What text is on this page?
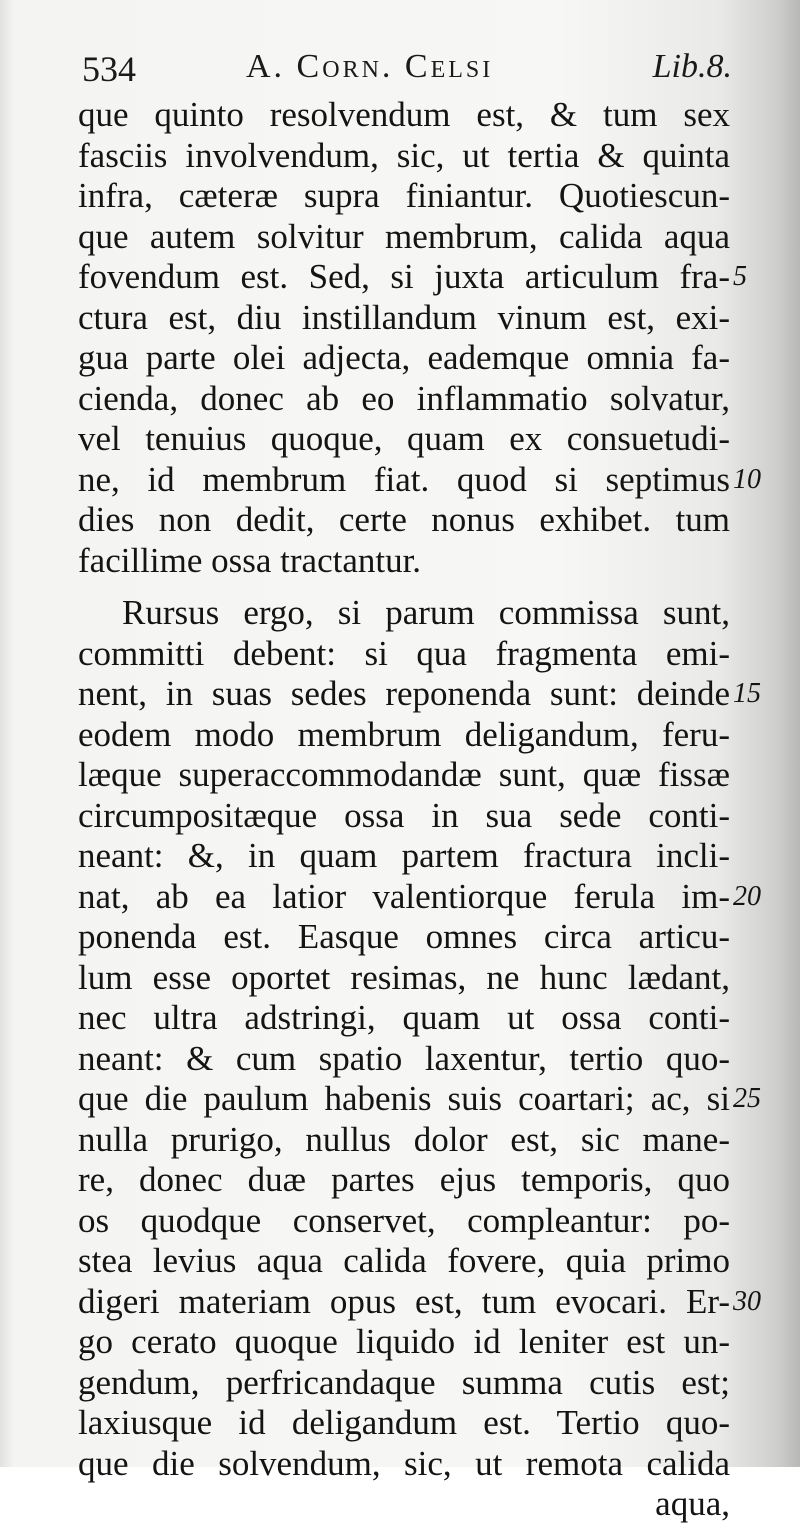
534	A. Corn. Celsi	Lib.8.
que quinto resolvendum est, & tum sex
fasciis involvendum, sic, ut tertia & quinta
infra, cæteræ supra finiantur. Quotiescun-
que autem solvitur membrum, calida aqua
fovendum est. Sed, si juxta articulum fra- 5
ctura est, diu instillandum vinum est, exi-
gua parte olei adjecta, eademque omnia fa-
cienda, donec ab eo inflammatio solvatur,
vel tenuius quoque, quam ex consuetudi-
ne, id membrum fiat. quod si septimus 10
dies non dedit, certe nonus exhibet. tum
facillime ossa tractantur.
Rursus ergo, si parum commissa sunt,
committi debent: si qua fragmenta emi-
nent, in suas sedes reponenda sunt: deinde 15
eodem modo membrum deligandum, feru-
læque superaccommodandæ sunt, quæ fissæ
circumpositæque ossa in sua sede conti-
neant: &, in quam partem fractura incli-
nat, ab ea latior valentiorque ferula im- 20
ponenda est. Easque omnes circa articu-
lum esse oportet resimas, ne hunc lædant,
nec ultra adstringi, quam ut ossa conti-
neant: & cum spatio laxentur, tertio quo-
que die paulum habenis suis coartari; ac, si 25
nulla prurigo, nullus dolor est, sic mane-
re, donec duæ partes ejus temporis, quo
os quodque conservet, compleantur: po-
stea levius aqua calida fovere, quia primo
digeri materiam opus est, tum evocari. Er- 30
go cerato quoque liquido id leniter est un-
gendum, perfricandaque summa cutis est;
laxiusque id deligandum est. Tertio quo-
que die solvendum, sic, ut remota calida
aqua,
